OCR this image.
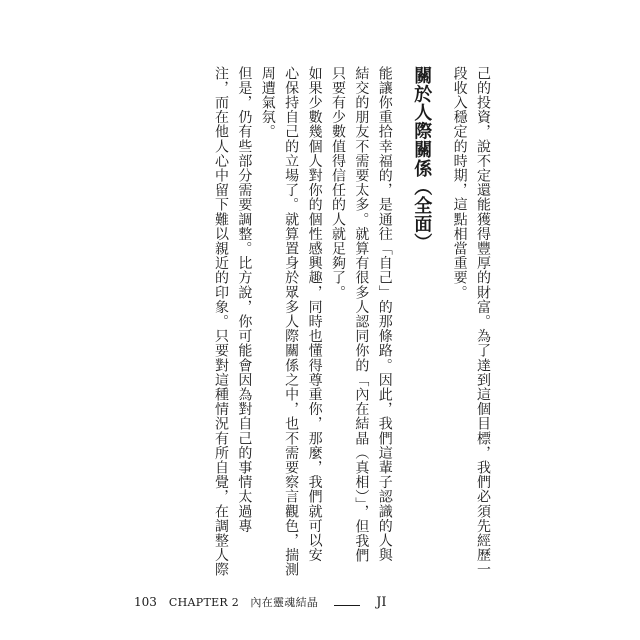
己的投資，說不定還能獲得豐厚的財富。為了達到這個目標，我們必須先經歷一

段收入穩定的時期，這點相當重要。

關於人際關係（全面）

能讓你重拾幸福的，是通往「自己」的那條路。因此，我們這輩子認識的人與

結交的朋友不需要太多。就算有很多人認同你的「內在結晶（真相）」，但我們

只要有少數值得信任的人就足夠了。

如果少數幾個人對你的個性感興趣，同時也懂得尊重你，那麼，我們就可以安

心保持自己的立場了。就算置身於眾多人際關係之中，也不需要察言觀色，揣測

周遭氣氛。

但是，仍有些部分需要調整。比方說，你可能會因為對自己的事情太過專

注，而在他人心中留下難以親近的印象。只要對這種情況有所自覺，在調整人際

103 CHAPTER 2　內在靈魂結晶	JI
